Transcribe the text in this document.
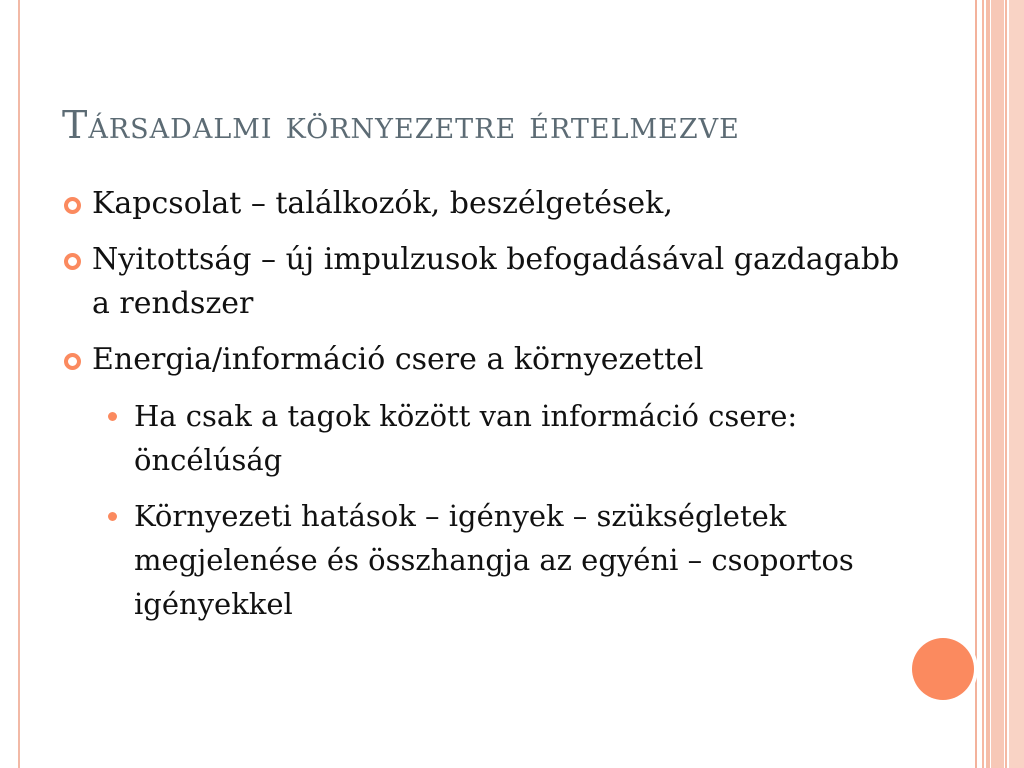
Társadalmi környezetre értelmezve
Kapcsolat – találkozók, beszélgetések,
Nyitottság – új impulzusok befogadásával gazdagabb a rendszer
Energia/információ csere a környezettel
Ha csak a tagok között van információ csere: öncélúság
Környezeti hatások – igények – szükségletek megjelenése és összhangja az egyéni – csoportos igényekkel
